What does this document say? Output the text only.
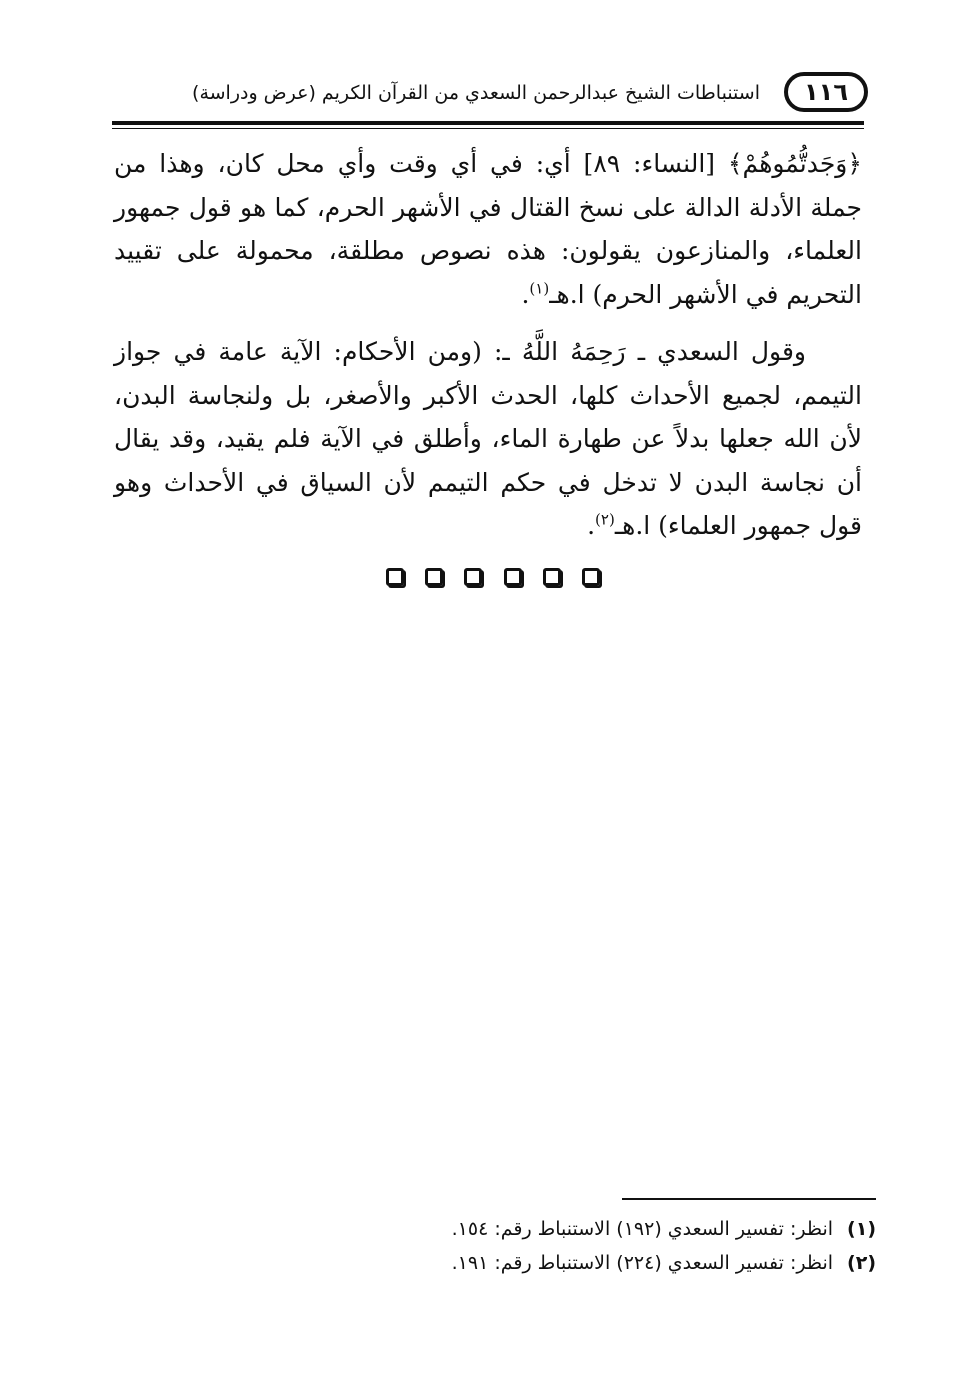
١١٦
استنباطات الشيخ عبدالرحمن السعدي من القرآن الكريم (عرض ودراسة)

﴿وَجَدتُّمُوهُمْ﴾ [النساء: ٨٩] أي: في أي وقت وأي محل كان، وهذا من جملة الأدلة الدالة على نسخ القتال في الأشهر الحرم، كما هو قول جمهور العلماء، والمنازعون يقولون: هذه نصوص مطلقة، محمولة على تقييد التحريم في الأشهر الحرم) ا.هـ$^{(١)}$.

وقول السعدي ـ رَحِمَهُ اللَّهُ ـ: (ومن الأحكام: الآية عامة في جواز التيمم، لجميع الأحداث كلها، الحدث الأكبر والأصغر، بل ولنجاسة البدن، لأن الله جعلها بدلاً عن طهارة الماء، وأطلق في الآية فلم يقيد، وقد يقال أن نجاسة البدن لا تدخل في حكم التيمم لأن السياق في الأحداث وهو قول جمهور العلماء) ا.هـ$^{(٢)}$.

(١)
انظر: تفسير السعدي (١٩٢) الاستنباط رقم: ١٥٤.
(٢)
انظر: تفسير السعدي (٢٢٤) الاستنباط رقم: ١٩١.
